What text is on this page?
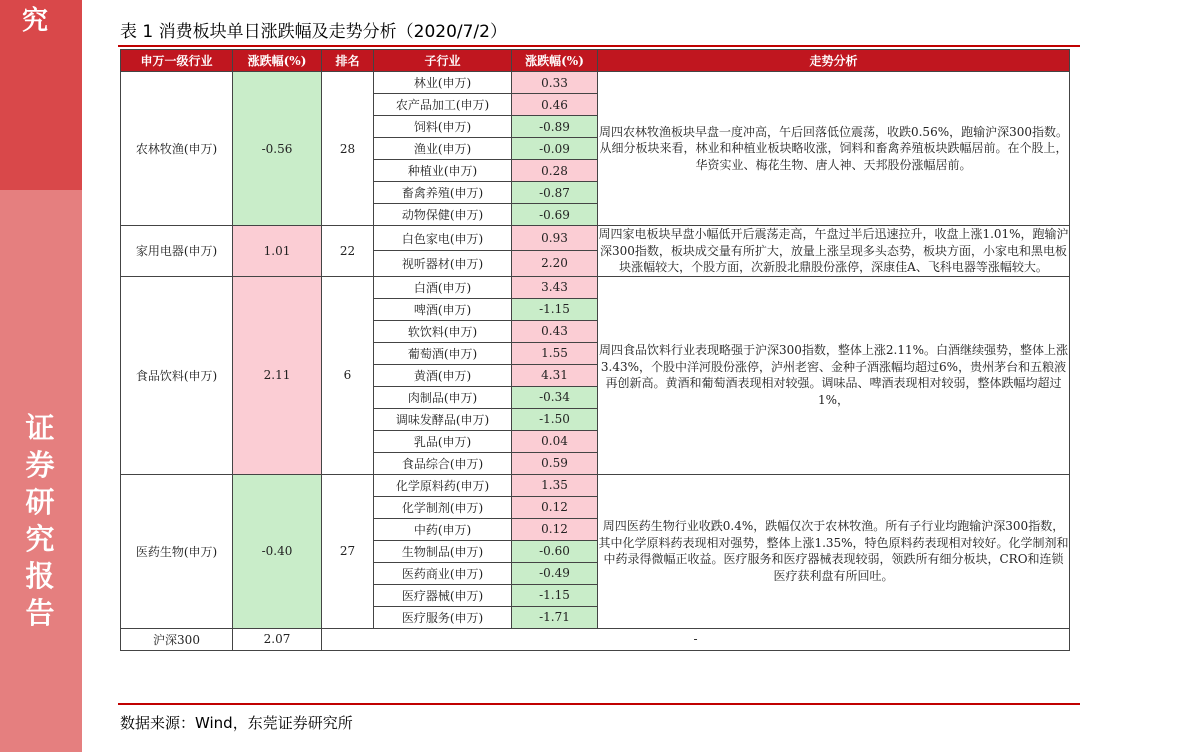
究
证
券
研
究
报
告
表 1 消费板块单日涨跌幅及走势分析（2020/7/2）
申万一级行业	涨跌幅(%)	排名	子行业	涨跌幅(%)	走势分析
农林牧渔(申万)	-0.56	28	林业(申万)	0.33	周四农林牧渔板块早盘一度冲高，午后回落低位震荡，收跌0.56%，跑输沪深300指数。从细分板块来看，林业和种植业板块略收涨，饲料和畜禽养殖板块跌幅居前。在个股上，华资实业、梅花生物、唐人神、天邦股份涨幅居前。
			农产品加工(申万)	0.46	
			饲料(申万)	-0.89	
			渔业(申万)	-0.09	
			种植业(申万)	0.28	
			畜禽养殖(申万)	-0.87	
			动物保健(申万)	-0.69	
家用电器(申万)	1.01	22	白色家电(申万)	0.93	周四家电板块早盘小幅低开后震荡走高，午盘过半后迅速拉升，收盘上涨1.01%，跑输沪深300指数，板块成交量有所扩大，放量上涨呈现多头态势，板块方面，小家电和黑电板块涨幅较大，个股方面，次新股北鼎股份涨停，深康佳A、飞科电器等涨幅较大。
			视听器材(申万)	2.20	
食品饮料(申万)	2.11	6	白酒(申万)	3.43	周四食品饮料行业表现略强于沪深300指数，整体上涨2.11%。白酒继续强势，整体上涨3.43%，个股中洋河股份涨停，泸州老窖、金种子酒涨幅均超过6%，贵州茅台和五粮液再创新高。黄酒和葡萄酒表现相对较强。调味品、啤酒表现相对较弱，整体跌幅均超过1%，
			啤酒(申万)	-1.15	
			软饮料(申万)	0.43	
			葡萄酒(申万)	1.55	
			黄酒(申万)	4.31	
			肉制品(申万)	-0.34	
			调味发酵品(申万)	-1.50	
			乳品(申万)	0.04	
			食品综合(申万)	0.59	
医药生物(申万)	-0.40	27	化学原料药(申万)	1.35	周四医药生物行业收跌0.4%，跌幅仅次于农林牧渔。所有子行业均跑输沪深300指数，其中化学原料药表现相对强势，整体上涨1.35%，特色原料药表现相对较好。化学制剂和中药录得微幅正收益。医疗服务和医疗器械表现较弱，领跌所有细分板块，CRO和连锁医疗获利盘有所回吐。
			化学制剂(申万)	0.12	
			中药(申万)	0.12	
			生物制品(申万)	-0.60	
			医药商业(申万)	-0.49	
			医疗器械(申万)	-1.15	
			医疗服务(申万)	-1.71	
沪深300	2.07	-			
数据来源：Wind，东莞证券研究所
